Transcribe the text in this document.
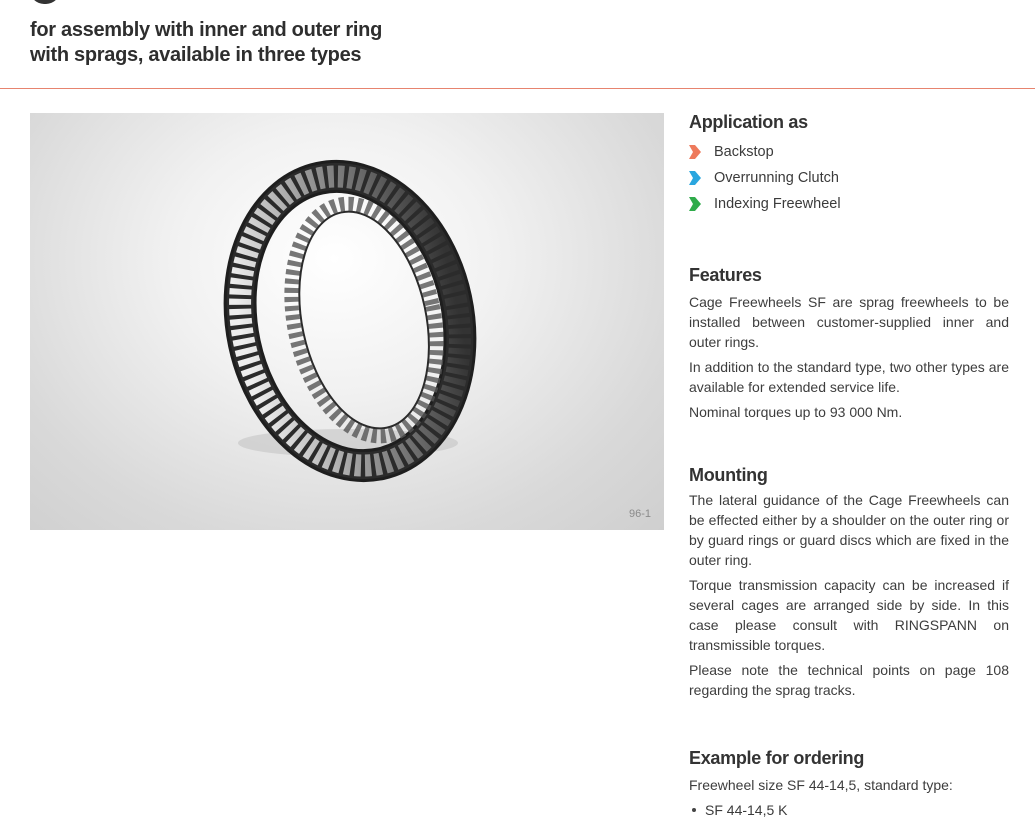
for assembly with inner and outer ring
with sprags, available in three types
96-1
Application as
Backstop
Overrunning Clutch
Indexing Freewheel
Features

Cage Freewheels SF are sprag freewheels to be installed between customer-supplied inner and outer rings.

In addition to the standard type, two other types are available for extended service life.

Nominal torques up to 93 000 Nm.

Mounting

The lateral guidance of the Cage Freewheels can be effected either by a shoulder on the outer ring or by guard rings or guard discs which are fixed in the outer ring.

Torque transmission capacity can be increased if several cages are arranged side by side. In this case please consult with RINGSPANN on transmissible torques.

Please note the technical points on page 108 regarding the sprag tracks.

Example for ordering

Freewheel size SF 44-14,5, standard type:

SF 44-14,5 K
